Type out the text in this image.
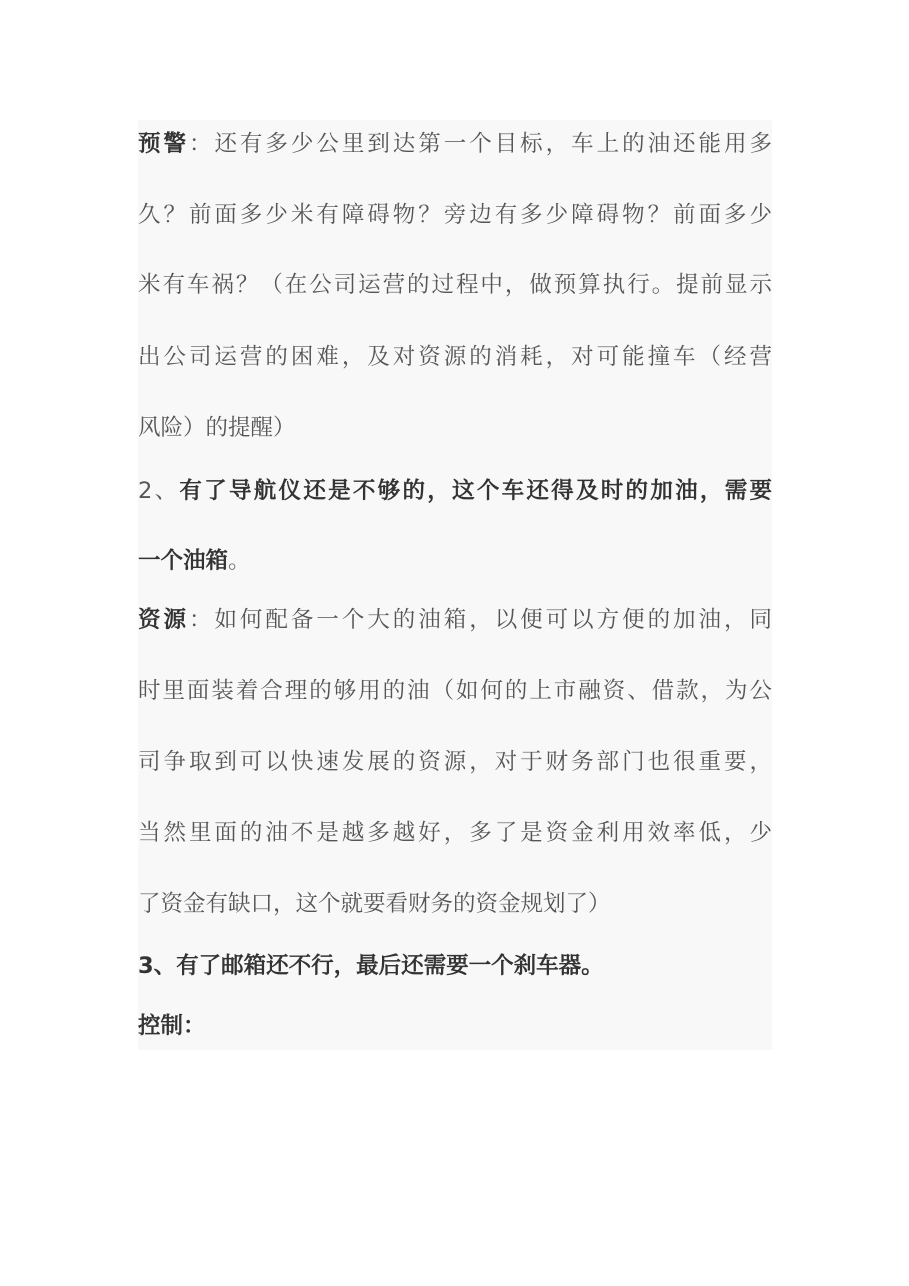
预警：还有多少公里到达第一个目标，车上的油还能用多
久？前面多少米有障碍物？旁边有多少障碍物？前面多少
米有车祸？（在公司运营的过程中，做预算执行。提前显示
出公司运营的困难，及对资源的消耗，对可能撞车（经营
风险）的提醒）
2、有了导航仪还是不够的，这个车还得及时的加油，需要
一个油箱。
资源：如何配备一个大的油箱，以便可以方便的加油，同
时里面装着合理的够用的油（如何的上市融资、借款，为公
司争取到可以快速发展的资源，对于财务部门也很重要，
当然里面的油不是越多越好，多了是资金利用效率低，少
了资金有缺口，这个就要看财务的资金规划了）
3、有了邮箱还不行，最后还需要一个刹车器。
控制：
